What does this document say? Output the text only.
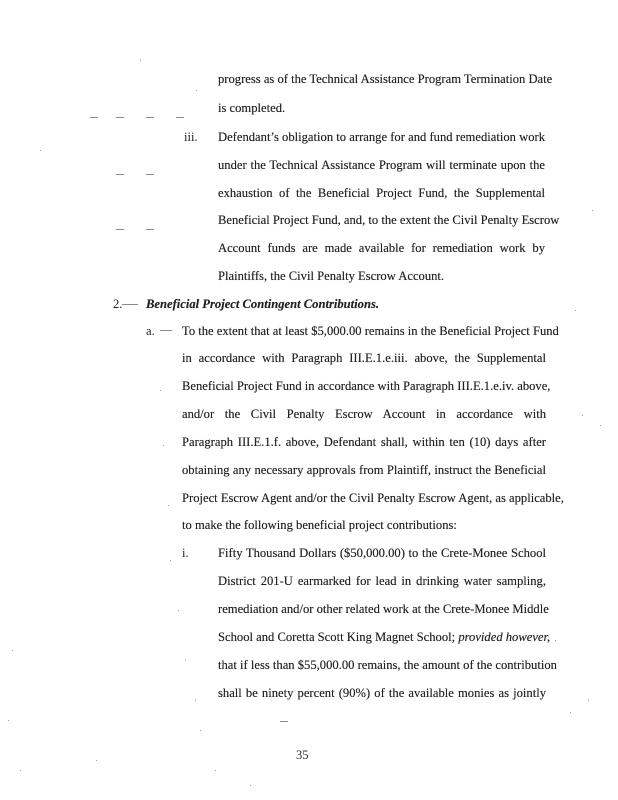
progress as of the Technical Assistance Program Termination Date
is completed.
iii. Defendant’s obligation to arrange for and fund remediation work
under the Technical Assistance Program will terminate upon the
exhaustion of the Beneficial Project Fund, the Supplemental
Beneficial Project Fund, and, to the extent the Civil Penalty Escrow
Account funds are made available for remediation work by
Plaintiffs, the Civil Penalty Escrow Account.
2. Beneficial Project Contingent Contributions.
a. To the extent that at least $5,000.00 remains in the Beneficial Project Fund
in accordance with Paragraph III.E.1.e.iii. above, the Supplemental
Beneficial Project Fund in accordance with Paragraph III.E.1.e.iv. above,
and/or the Civil Penalty Escrow Account in accordance with
Paragraph III.E.1.f. above, Defendant shall, within ten (10) days after
obtaining any necessary approvals from Plaintiff, instruct the Beneficial
Project Escrow Agent and/or the Civil Penalty Escrow Agent, as applicable,
to make the following beneficial project contributions:
i. Fifty Thousand Dollars ($50,000.00) to the Crete-Monee School
District 201-U earmarked for lead in drinking water sampling,
remediation and/or other related work at the Crete-Monee Middle
School and Coretta Scott King Magnet School; provided however,
that if less than $55,000.00 remains, the amount of the contribution
shall be ninety percent (90%) of the available monies as jointly
35
